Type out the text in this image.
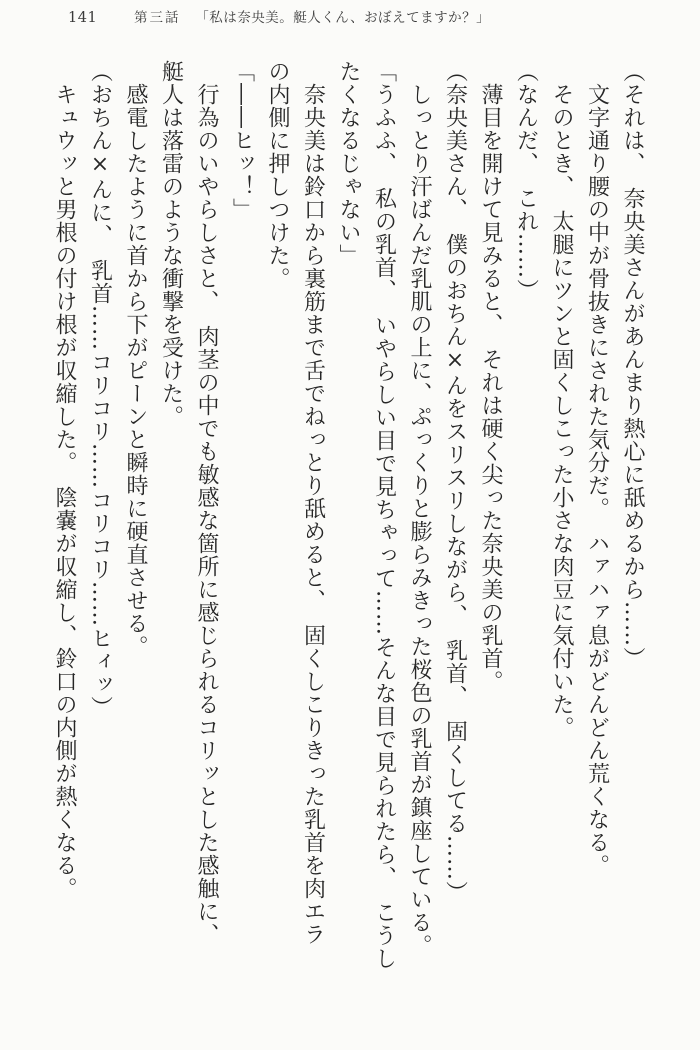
141	第三話 「私は奈央美。艇人くん、おぼえてますか？」

（それは、　奈央美さんがあんまり熱心に舐めるから……）

文字通り腰の中が骨抜きにされた気分だ。　ハァハァ息がどんどん荒くなる。

そのとき、　太腿にツンと固くしこった小さな肉豆に気付いた。

（なんだ、　これ……）

薄目を開けて見みると、　それは硬く尖った奈央美の乳首。

（奈央美さん、　僕のおちん×んをスリスリしながら、　乳首、　固くしてる……）

しっとり汗ばんだ乳肌の上に、ぷっくりと膨らみきった桜色の乳首が鎮座している。

「うふふ、　私の乳首、　いやらしい目で見ちゃって……そんな目で見られたら、　こうし

たくなるじゃない」

奈央美は鈴口から裏筋まで舌でねっとり舐めると、　固くしこりきった乳首を肉エラ

の内側に押しつけた。

「――ヒッ！」

行為のいやらしさと、　肉茎の中でも敏感な箇所に感じられるコリッとした感触に、

艇人は落雷のような衝撃を受けた。

感電したように首から下がピーンと瞬時に硬直させる。

（おちん×んに、　乳首……コリコリ……コリコリ……ヒィッ）

キュウッと男根の付け根が収縮した。　陰嚢が収縮し、鈴口の内側が熱くなる。
